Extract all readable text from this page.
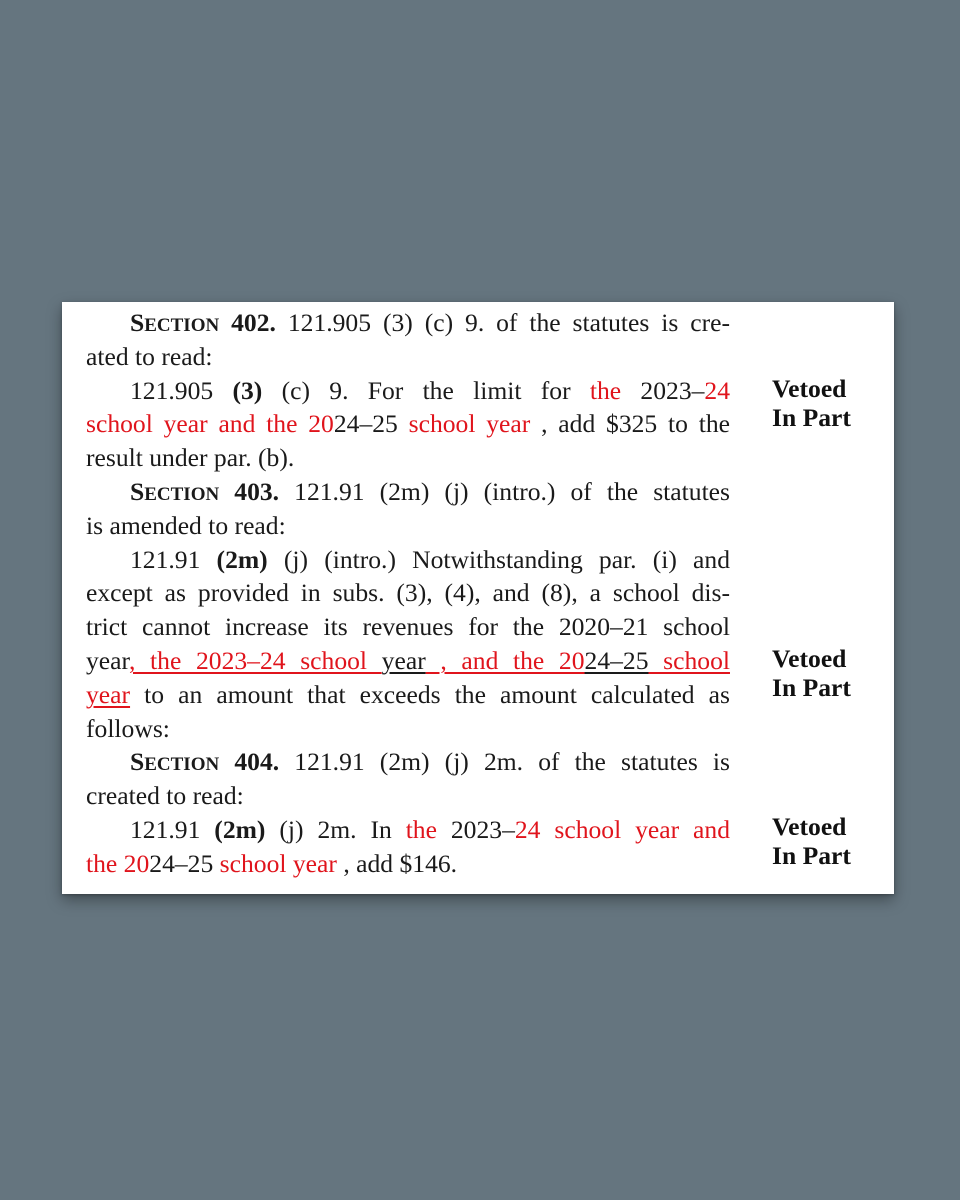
SECTION 402. 121.905 (3) (c) 9. of the statutes is cre-
ated to read:
121.905 (3) (c) 9. For the limit for the 2023–24
school year and the 2024–25 school year , add $325 to the
result under par. (b).
SECTION 403. 121.91 (2m) (j) (intro.) of the statutes
is amended to read:
121.91 (2m) (j) (intro.) Notwithstanding par. (i) and
except as provided in subs. (3), (4), and (8), a school dis-
trict cannot increase its revenues for the 2020–21 school
year, the 2023–24 school year , and the 2024–25 school
year to an amount that exceeds the amount calculated as
follows:
SECTION 404. 121.91 (2m) (j) 2m. of the statutes is
created to read:
121.91 (2m) (j) 2m. In the 2023–24 school year and
the 2024–25 school year , add $146.
Vetoed
In Part
Vetoed
In Part
Vetoed
In Part
